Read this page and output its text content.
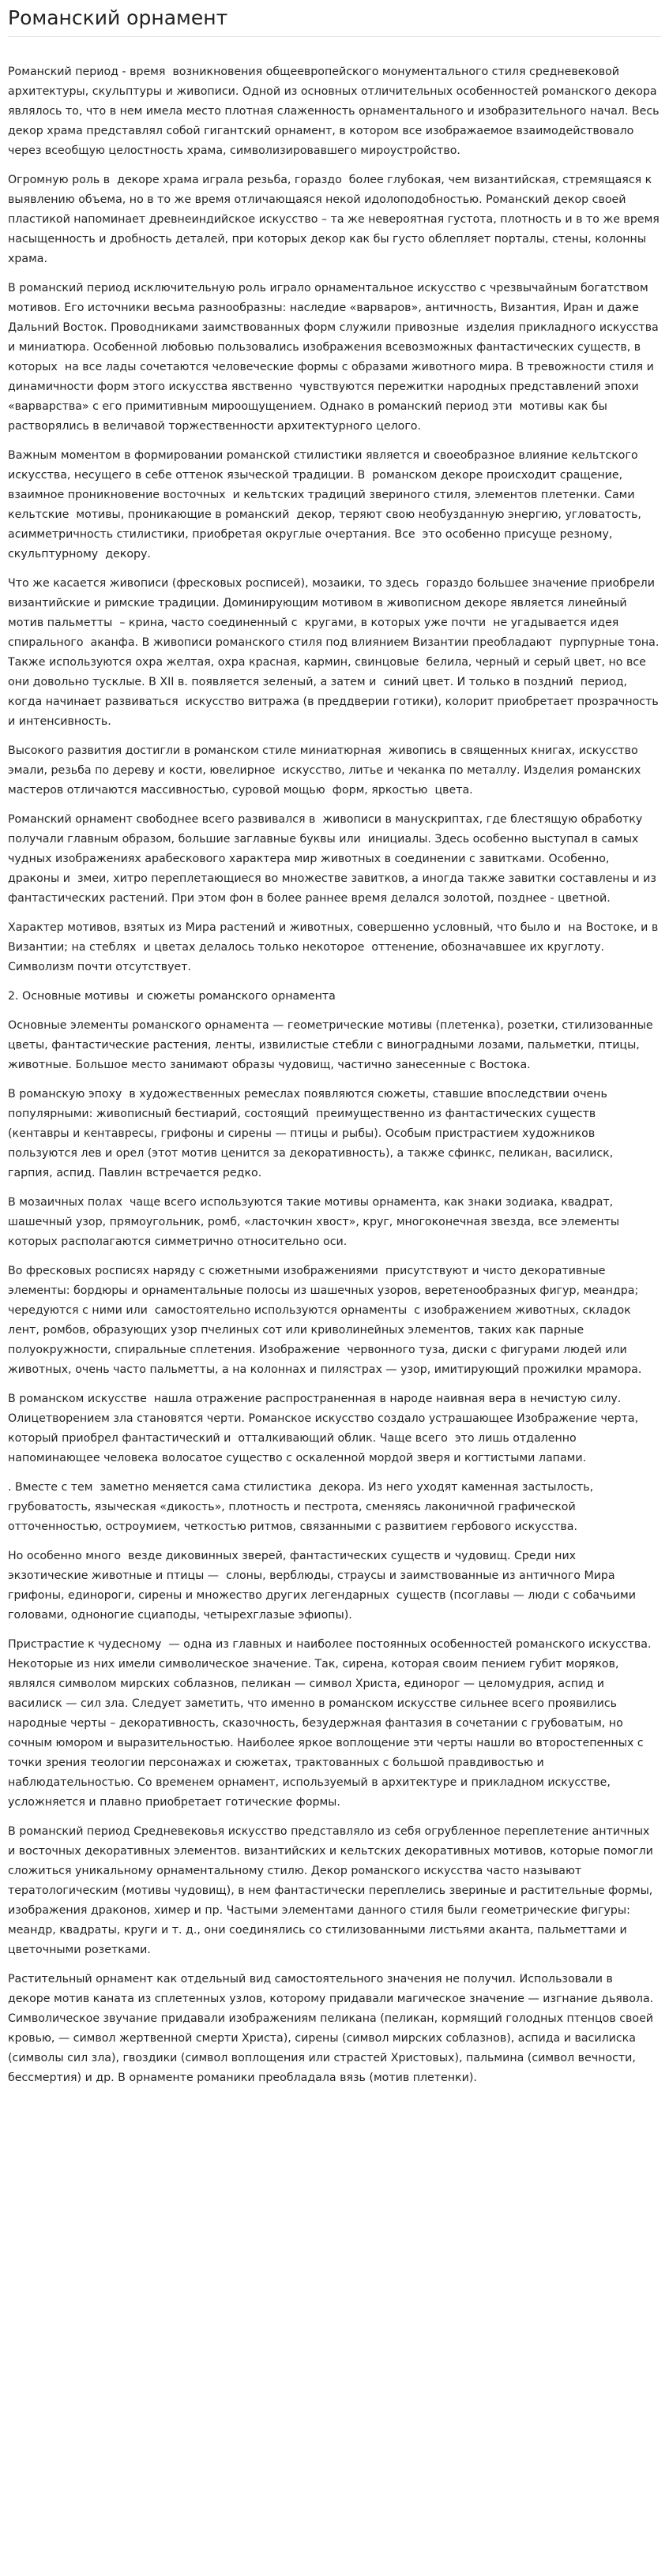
Романский орнамент

Романский период - время  возникновения общеевропейского монументального стиля средневековой архитектуры, скульптуры и живописи. Одной из основных отличительных особенностей романского декора являлось то, что в нем имела место плотная слаженность орнаментального и изобразительного начал. Весь декор храма представлял собой гигантский орнамент, в котором все изображаемое взаимодействовало через всеобщую целостность храма, символизировавшего мироустройство.

Огромную роль в  декоре храма играла резьба, гораздо  более глубокая, чем византийская, стремящаяся к выявлению объема, но в то же время отличающаяся некой идолоподобностью. Романский декор своей пластикой напоминает древнеиндийское искусство – та же невероятная густота, плотность и в то же время насыщенность и дробность деталей, при которых декор как бы густо облепляет порталы, стены, колонны храма.

В романский период исключительную роль играло орнаментальное искусство с чрезвычайным богатством мотивов. Его источники весьма разнообразны: наследие «варваров», античность, Византия, Иран и даже Дальний Восток. Проводниками заимствованных форм служили привозные  изделия прикладного искусства  и миниатюра. Особенной любовью пользовались изображения всевозможных фантастических существ, в которых  на все лады сочетаются человеческие формы с образами животного мира. В тревожности стиля и динамичности форм этого искусства явственно  чувствуются пережитки народных представлений эпохи «варварства» с его примитивным мироощущением. Однако в романский период эти  мотивы как бы растворялись в величавой торжественности архитектурного целого.

Важным моментом в формировании романской стилистики является и своеобразное влияние кельтского искусства, несущего в себе оттенок языческой традиции. В  романском декоре происходит сращение, взаимное проникновение восточных  и кельтских традиций звериного стиля, элементов плетенки. Сами кельтские  мотивы, проникающие в романский  декор, теряют свою необузданную энергию, угловатость, асимметричность стилистики, приобретая округлые очертания. Все  это особенно присуще резному, скульптурному  декору.

Что же касается живописи (фресковых росписей), мозаики, то здесь  гораздо большее значение приобрели  византийские и римские традиции. Доминирующим мотивом в живописном декоре является линейный мотив пальметты  – крина, часто соединенный с  кругами, в которых уже почти  не угадывается идея спирального  аканфа. В живописи романского стиля под влиянием Византии преобладают  пурпурные тона. Также используются охра желтая, охра красная, кармин, свинцовые  белила, черный и серый цвет, но все они довольно тусклые. В XII в. появляется зеленый, а затем и  синий цвет. И только в поздний  период, когда начинает развиваться  искусство витража (в преддверии готики), колорит приобретает прозрачность и интенсивность.

Высокого развития достигли в романском стиле миниатюрная  живопись в священных книгах, искусство  эмали, резьба по дереву и кости, ювелирное  искусство, литье и чеканка по металлу. Изделия романских мастеров отличаются массивностью, суровой мощью  форм, яркостью  цвета.

Романский орнамент свободнее всего развивался в  живописи в манускриптах, где блестящую обработку получали главным образом, большие заглавные буквы или  инициалы. Здесь особенно выступал в самых чудных изображениях арабескового характера мир животных в соединении с завитками. Особенно, драконы и  змеи, хитро переплетающиеся во множестве завитков, а иногда также завитки составлены и из фантастических растений. При этом фон в более раннее время делался золотой, позднее - цветной.

Характер мотивов, взятых из Мира растений и животных, совершенно условный, что было и  на Востоке, и в Византии; на стеблях  и цветах делалось только некоторое  оттенение, обозначавшее их круглоту. Символизм почти отсутствует.

2. Основные мотивы  и сюжеты романского орнамента

Основные элементы романского орнамента — геометрические мотивы (плетенка), розетки, стилизованные  цветы, фантастические растения, ленты, извилистые стебли с виноградными лозами, пальметки, птицы, животные. Большое место занимают образы чудовищ, частично занесенные с Востока.

В романскую эпоху  в художественных ремеслах появляются сюжеты, ставшие впоследствии очень  популярными: живописный бестиарий, состоящий  преимущественно из фантастических существ (кентавры и кентавресы, грифоны и сирены — птицы и рыбы). Особым пристрастием художников пользуются лев и орел (этот мотив ценится за декоративность), а также сфинкс, пеликан, василиск, гарпия, аспид. Павлин встречается редко.

В мозаичных полах  чаще всего используются такие мотивы орнамента, как знаки зодиака, квадрат, шашечный узор, прямоугольник, ромб, «ласточкин хвост», круг, многоконечная звезда, все элементы которых располагаются симметрично относительно оси.

Во фресковых росписях наряду с сюжетными изображениями  присутствуют и чисто декоративные элементы: бордюры и орнаментальные полосы из шашечных узоров, веретенообразных фигур, меандра; чередуются с ними или  самостоятельно используются орнаменты  с изображением животных, складок  лент, ромбов, образующих узор пчелиных сот или криволинейных элементов, таких как парные полуокружности, спиральные сплетения. Изображение  червонного туза, диски с фигурами людей или животных, очень часто пальметты, а на колоннах и пилястрах — узор, имитирующий прожилки мрамора.

В романском искусстве  нашла отражение распространенная в народе наивная вера в нечистую силу. Олицетворением зла становятся черти. Романское искусство создало устрашающее Изображение черта, который приобрел фантастический и  отталкивающий облик. Чаще всего  это лишь отдаленно напоминающее человека волосатое существо с оскаленной мордой зверя и когтистыми лапами.

. Вместе с тем  заметно меняется сама стилистика  декора. Из него уходят каменная застылость, грубоватость, языческая «дикость», плотность и пестрота, сменяясь лаконичной графической отточенностью, остроумием, четкостью ритмов, связанными с развитием гербового искусства.

Но особенно много  везде диковинных зверей, фантастических существ и чудовищ. Среди них экзотические животные и птицы —  слоны, верблюды, страусы и заимствованные из античного Мира грифоны, единороги, сирены и множество других легендарных  существ (псоглавы — люди с собачьими головами, одноногие сциаподы, четырехглазые эфиопы).

Пристрастие к чудесному  — одна из главных и наиболее постоянных особенностей романского искусства. Некоторые из них имели символическое значение. Так, сирена, которая своим пением губит моряков, являлся символом мирских соблазнов, пеликан — символ Христа, единорог — целомудрия, аспид и василиск — сил зла. Следует заметить, что именно в романском искусстве сильнее всего проявились народные черты – декоративность, сказочность, безудержная фантазия в сочетании с грубоватым, но сочным юмором и выразительностью. Наиболее яркое воплощение эти черты нашли во второстепенных с точки зрения теологии персонажах и сюжетах, трактованных с большой правдивостью и наблюдательностью. Со временем орнамент, используемый в архитектуре и прикладном искусстве, усложняется и плавно приобретает готические формы.

В романский период Средневековья искусство представляло из себя огрубленное переплетение античных и восточных декоративных элементов. византийских и кельтских декоративных мотивов, которые помогли сложиться уникальному орнаментальному стилю. Декор романского искусства часто называют тератологическим (мотивы чудовищ), в нем фантастически переплелись звериные и растительные формы, изображения драконов, химер и пр. Частыми элементами данного стиля были геометрические фигуры: меандр, квадраты, круги и т. д., они соединялись со стилизованными листьями аканта, пальметтами и цветочными розетками.

Растительный орнамент как отдельный вид самостоятельного значения не получил. Использовали в  декоре мотив каната из сплетенных узлов, которому придавали магическое значение — изгнание дьявола. Символическое звучание придавали изображениям пеликана (пеликан, кормящий голодных птенцов своей кровью, — символ жертвенной смерти Христа), сирены (символ мирских соблазнов), аспида и василиска (символы сил зла), гвоздики (символ воплощения или страстей Христовых), пальмина (символ вечности, бессмертия) и др. В орнаменте романики преобладала вязь (мотив плетенки).
